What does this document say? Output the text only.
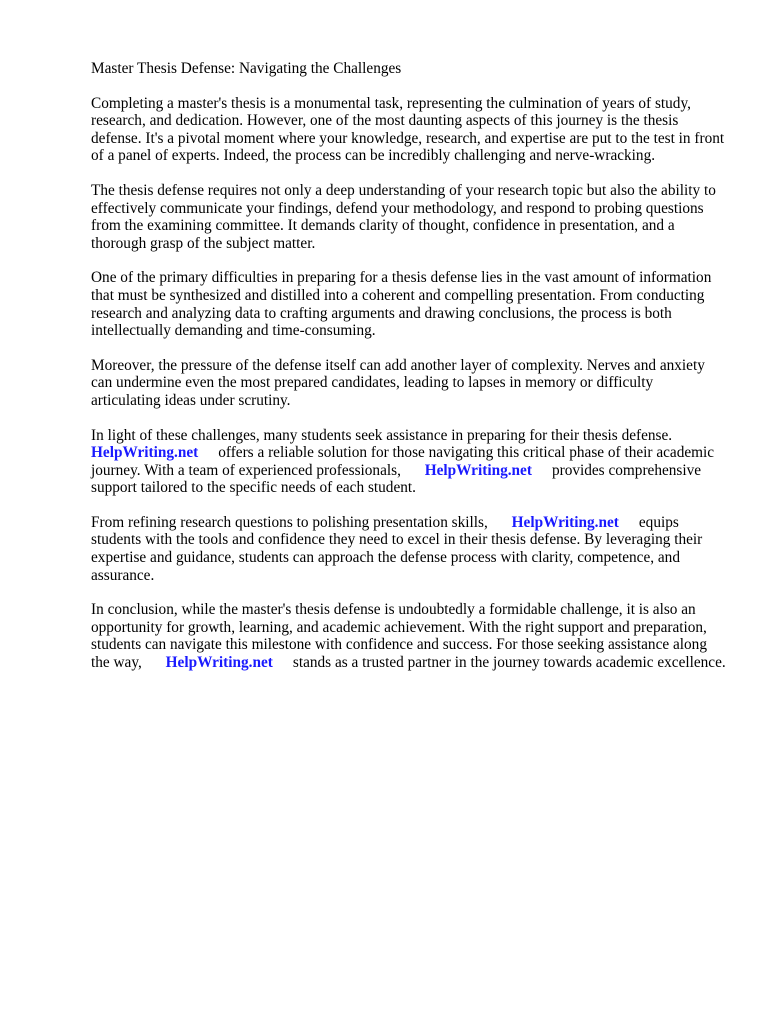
Master Thesis Defense: Navigating the Challenges

Completing a master's thesis is a monumental task, representing the culmination of years of study, research, and dedication. However, one of the most daunting aspects of this journey is the thesis defense. It's a pivotal moment where your knowledge, research, and expertise are put to the test in front of a panel of experts. Indeed, the process can be incredibly challenging and nerve-wracking.

The thesis defense requires not only a deep understanding of your research topic but also the ability to effectively communicate your findings, defend your methodology, and respond to probing questions from the examining committee. It demands clarity of thought, confidence in presentation, and a thorough grasp of the subject matter.

One of the primary difficulties in preparing for a thesis defense lies in the vast amount of information that must be synthesized and distilled into a coherent and compelling presentation. From conducting research and analyzing data to crafting arguments and drawing conclusions, the process is both intellectually demanding and time-consuming.

Moreover, the pressure of the defense itself can add another layer of complexity. Nerves and anxiety can undermine even the most prepared candidates, leading to lapses in memory or difficulty articulating ideas under scrutiny.

In light of these challenges, many students seek assistance in preparing for their thesis defense.
HelpWriting.net offers a reliable solution for those navigating this critical phase of their academic journey. With a team of experienced professionals, HelpWriting.net provides comprehensive support tailored to the specific needs of each student.

From refining research questions to polishing presentation skills, HelpWriting.net equips students with the tools and confidence they need to excel in their thesis defense. By leveraging their expertise and guidance, students can approach the defense process with clarity, competence, and assurance.

In conclusion, while the master's thesis defense is undoubtedly a formidable challenge, it is also an opportunity for growth, learning, and academic achievement. With the right support and preparation, students can navigate this milestone with confidence and success. For those seeking assistance along the way, HelpWriting.net stands as a trusted partner in the journey towards academic excellence.
